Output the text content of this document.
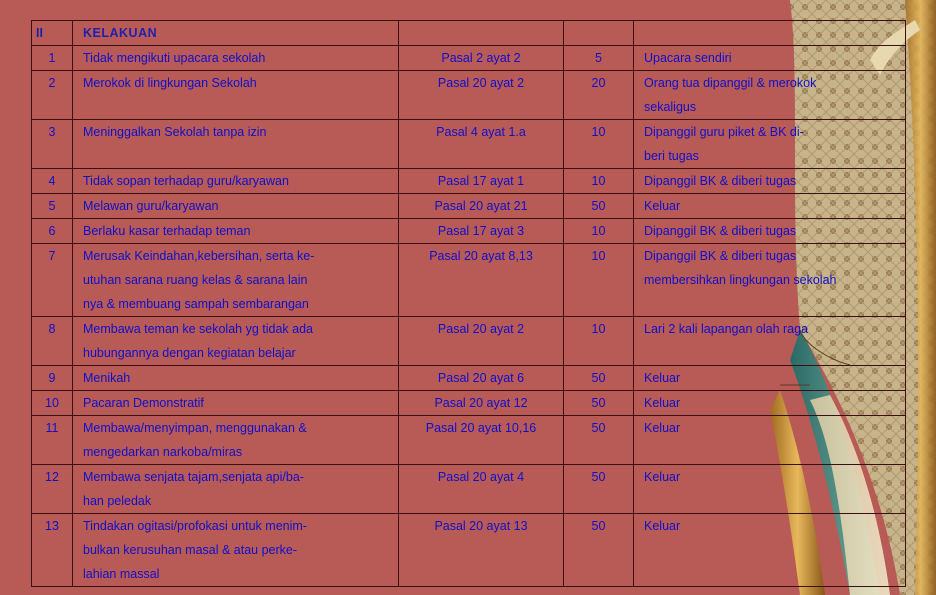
II	KELAKUAN			
1	Tidak mengikuti upacara sekolah	Pasal 2 ayat 2	5	Upacara sendiri

2	Merokok di lingkungan Sekolah	Pasal 20 ayat 2	20	Orang tua dipanggil & merokok
sekaligus

3	Meninggalkan Sekolah tanpa izin	Pasal 4 ayat 1.a	10	Dipanggil guru piket & BK di-
beri tugas

4	Tidak sopan terhadap guru/karyawan	Pasal 17 ayat 1	10	Dipanggil BK & diberi tugas

5	Melawan guru/karyawan	Pasal 20 ayat 21	50	Keluar

6	Berlaku kasar terhadap teman	Pasal 17 ayat 3	10	Dipanggil BK & diberi tugas

7	Merusak Keindahan,kebersihan, serta ke-
utuhan sarana ruang kelas & sarana lain
nya & membuang sampah sembarangan	Pasal 20 ayat 8,13	10	Dipanggil BK & diberi tugas
membersihkan lingkungan sekolah

8	Membawa teman ke sekolah yg tidak ada
hubungannya dengan kegiatan belajar	Pasal 20 ayat 2	10	Lari 2 kali lapangan olah raga

9	Menikah	Pasal 20 ayat 6	50	Keluar

10	Pacaran Demonstratif	Pasal 20 ayat 12	50	Keluar

11	Membawa/menyimpan, menggunakan &
mengedarkan narkoba/miras	Pasal 20 ayat 10,16	50	Keluar

12	Membawa senjata tajam,senjata api/ba-
han peledak	Pasal 20 ayat 4	50	Keluar

13	Tindakan ogitasi/profokasi untuk menim-
bulkan kerusuhan masal & atau perke-
lahian massal	Pasal 20 ayat 13	50	Keluar
